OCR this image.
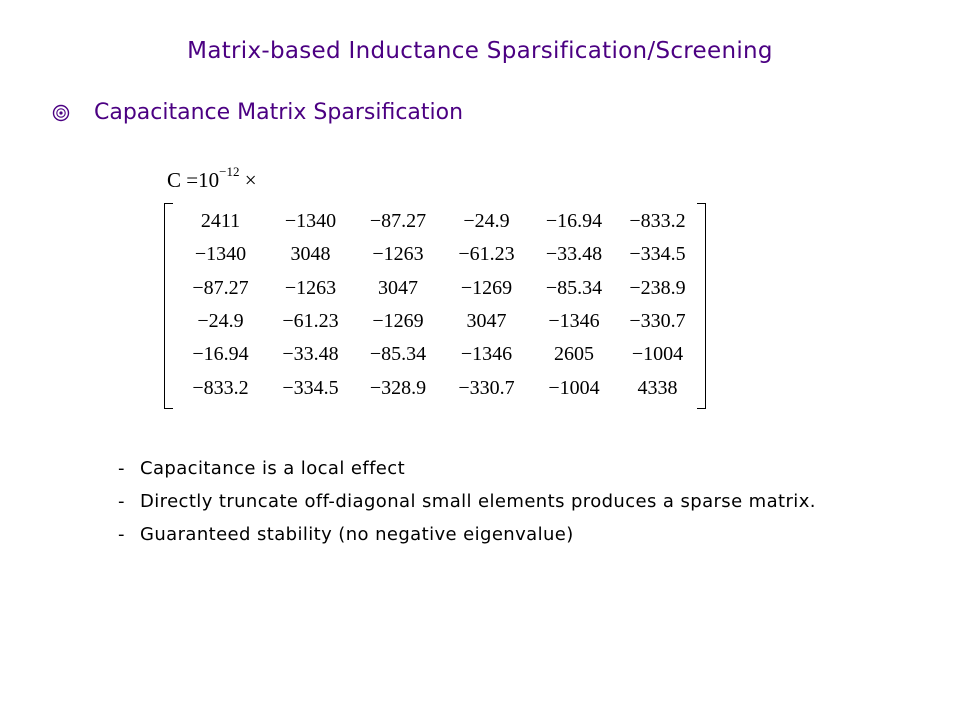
Matrix-based Inductance Sparsification/Screening
Capacitance Matrix Sparsification
$C =10^{-12}$ ×
2411	−1340	−87.27	−24.9	−16.94	−833.2
−1340	3048	−1263	−61.23	−33.48	−334.5
−87.27	−1263	3047	−1269	−85.34	−238.9
−24.9	−61.23	−1269	3047	−1346	−330.7
−16.94	−33.48	−85.34	−1346	2605	−1004
−833.2	−334.5	−328.9	−330.7	−1004	4338
- Capacitance is a local effect
- Directly truncate off-diagonal small elements produces a sparse matrix.
- Guaranteed stability (no negative eigenvalue)
